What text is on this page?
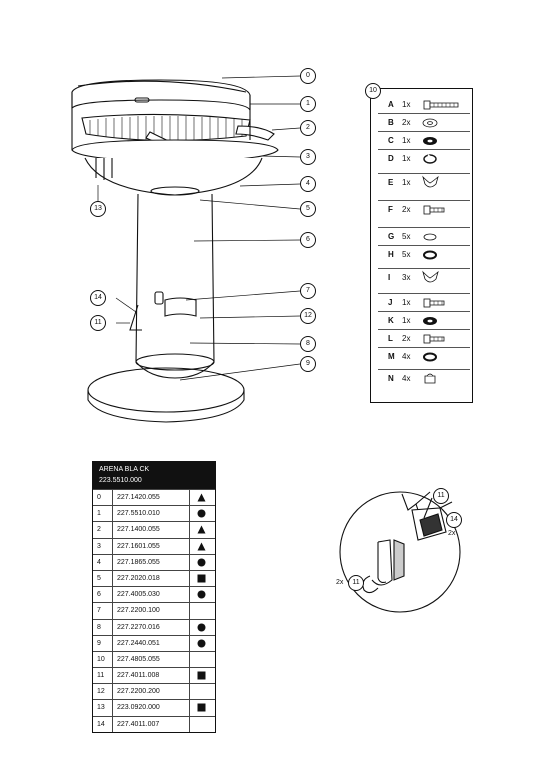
0
1
2
3
4
5
6
7
12
8
9
14
11
13
10
A 1x
B 2x
C 1x
D 1x
E 1x
F 2x
G 5x
H 5x
I 3x
J 1x
K 1x
L 2x
M 4x
N 4x
ARENA BLA CK
223.5510.000
0 227.1420.055
1 227.5510.010
2 227.1400.055
3 227.1601.055
4 227.1865.055
5 227.2020.018
6 227.4005.030
7 227.2200.100
8 227.2270.016
9 227.2440.051
10 227.4805.055
11 227.4011.008
12 227.2200.200
13 223.0920.000
14 227.4011.007
11
14
2x
11
2x
